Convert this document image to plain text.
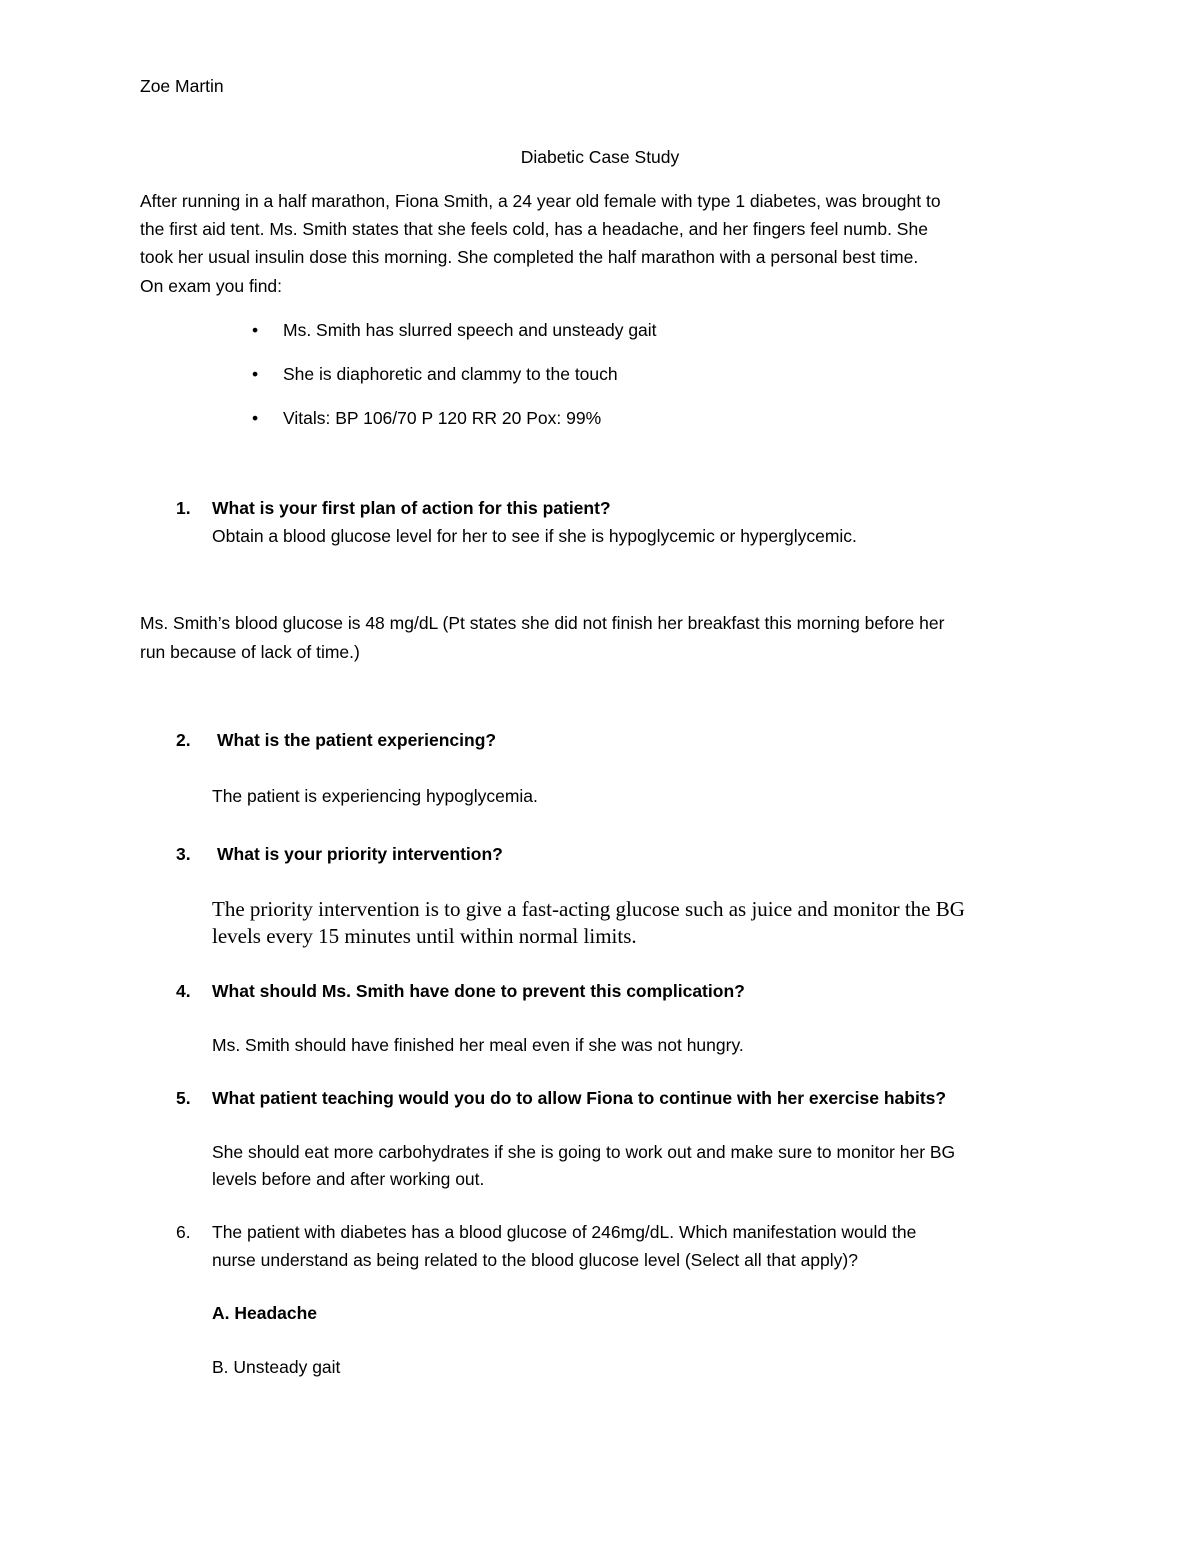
Zoe Martin
Diabetic Case Study
After running in a half marathon, Fiona Smith, a 24 year old female with type 1 diabetes, was brought to
the first aid tent. Ms. Smith states that she feels cold, has a headache, and her fingers feel numb. She
took her usual insulin dose this morning. She completed the half marathon with a personal best time.
On exam you find:
• Ms. Smith has slurred speech and unsteady gait
• She is diaphoretic and clammy to the touch
• Vitals: BP 106/70 P 120 RR 20 Pox: 99%
1. What is your first plan of action for this patient?
Obtain a blood glucose level for her to see if she is hypoglycemic or hyperglycemic.
Ms. Smith’s blood glucose is 48 mg/dL (Pt states she did not finish her breakfast this morning before her
run because of lack of time.)
2. What is the patient experiencing?
The patient is experiencing hypoglycemia.
3. What is your priority intervention?
The priority intervention is to give a fast-acting glucose such as juice and monitor the BG
levels every 15 minutes until within normal limits.
4. What should Ms. Smith have done to prevent this complication?
Ms. Smith should have finished her meal even if she was not hungry.
5. What patient teaching would you do to allow Fiona to continue with her exercise habits?
She should eat more carbohydrates if she is going to work out and make sure to monitor her BG
levels before and after working out.
6. The patient with diabetes has a blood glucose of 246mg/dL. Which manifestation would the
nurse understand as being related to the blood glucose level (Select all that apply)?
A. Headache
B. Unsteady gait
